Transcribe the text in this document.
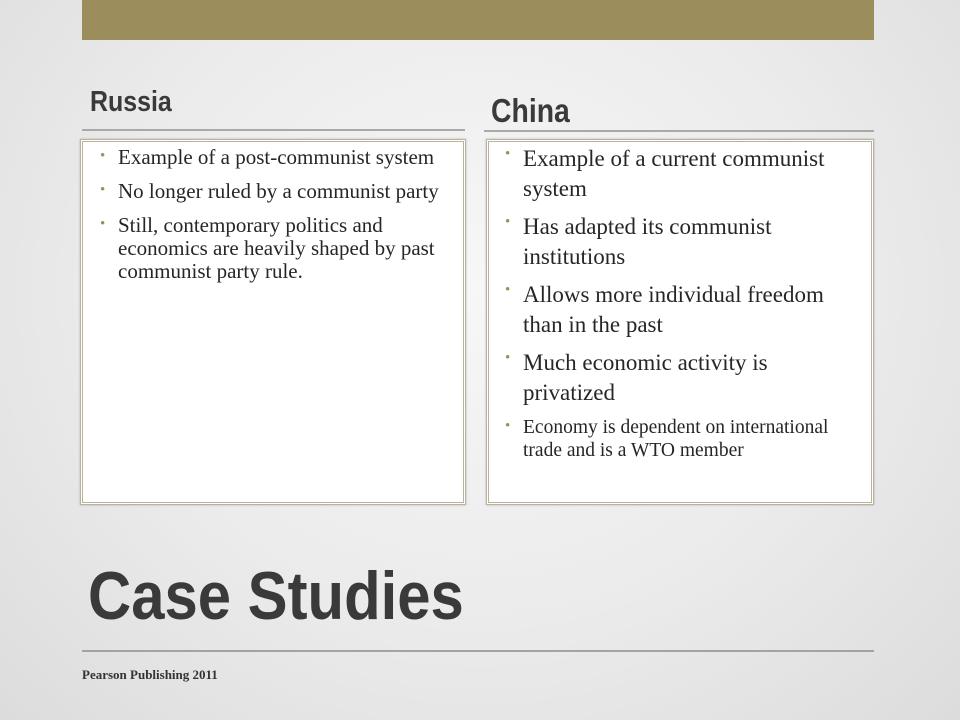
Russia	China
• Example of a post-communist system
• No longer ruled by a communist party
• Still, contemporary politics and economics are heavily shaped by past communist party rule.
• Example of a current communist system
• Has adapted its communist institutions
• Allows more individual freedom than in the past
• Much economic activity is privatized
• Economy is dependent on international trade and is a WTO member
Case Studies
Pearson Publishing 2011
